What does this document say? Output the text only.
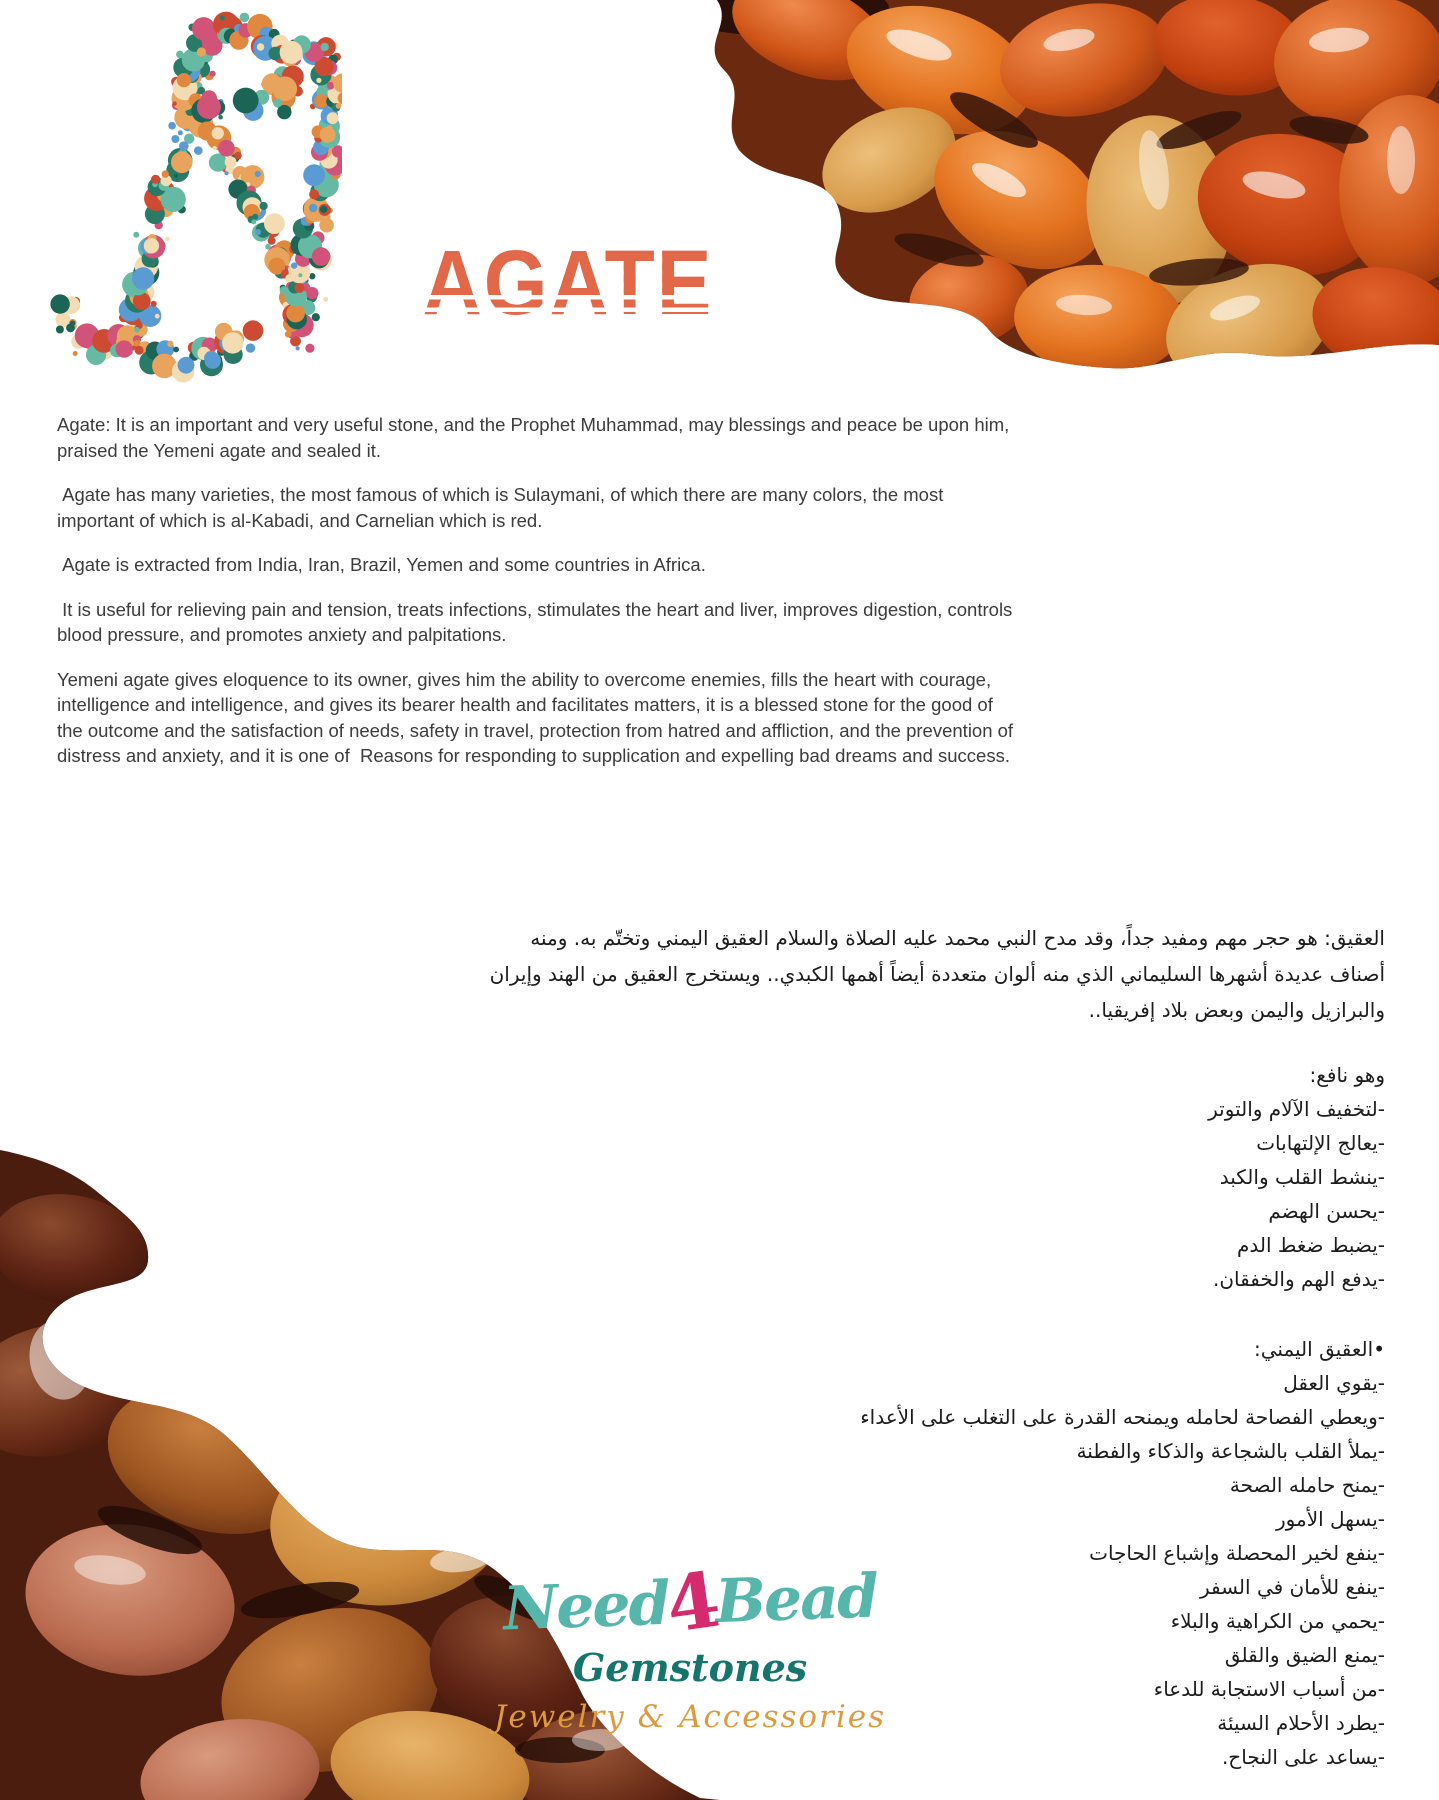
AGATE
Agate: It is an important and very useful stone, and the Prophet Muhammad, may blessings and peace be upon him, praised the Yemeni agate and sealed it.
Agate has many varieties, the most famous of which is Sulaymani, of which there are many colors, the most important of which is al-Kabadi, and Carnelian which is red.
Agate is extracted from India, Iran, Brazil, Yemen and some countries in Africa.
It is useful for relieving pain and tension, treats infections, stimulates the heart and liver, improves digestion, controls blood pressure, and promotes anxiety and palpitations.
Yemeni agate gives eloquence to its owner, gives him the ability to overcome enemies, fills the heart with courage, intelligence and intelligence, and gives its bearer health and facilitates matters, it is a blessed stone for the good of the outcome and the satisfaction of needs, safety in travel, protection from hatred and affliction, and the prevention of distress and anxiety, and it is one of  Reasons for responding to supplication and expelling bad dreams and success.
العقيق: هو حجر مهم ومفيد جداً، وقد مدح النبي محمد عليه الصلاة والسلام العقيق اليمني وتختّم به. ومنه أصناف عديدة أشهرها السليماني الذي منه ألوان متعددة أيضاً أهمها الكبدي.. ويستخرج العقيق من الهند وإيران والبرازيل واليمن وبعض بلاد إفريقيا..
وهو نافع:
-لتخفيف الآلام والتوتر
-يعالج الإلتهابات
-ينشط القلب والكبد
-يحسن الهضم
-يضبط ضغط الدم
-يدفع الهم والخفقان.
•العقيق اليمني:
-يقوي العقل
-ويعطي الفصاحة لحامله ويمنحه القدرة على التغلب على الأعداء
-يملأ القلب بالشجاعة والذكاء والفطنة
-يمنح حامله الصحة
-يسهل الأمور
-ينفع لخير المحصلة وإشباع الحاجات
-ينفع للأمان في السفر
-يحمي من الكراهية والبلاء
-يمنع الضيق والقلق
-من أسباب الاستجابة للدعاء
-يطرد الأحلام السيئة
-يساعد على النجاح.
Need4Bead
Gemstones
Jewelry & Accessories
